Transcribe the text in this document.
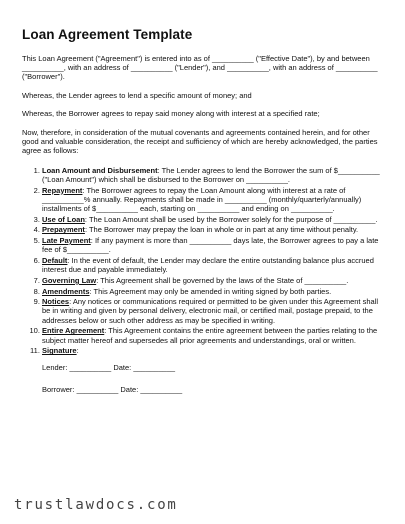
Loan Agreement Template

This Loan Agreement ("Agreement") is entered into as of __________ ("Effective Date"), by and between __________, with an address of __________ ("Lender"), and __________, with an address of __________ ("Borrower").

Whereas, the Lender agrees to lend a specific amount of money; and

Whereas, the Borrower agrees to repay said money along with interest at a specified rate;

Now, therefore, in consideration of the mutual covenants and agreements contained herein, and for other good and valuable consideration, the receipt and sufficiency of which are hereby acknowledged, the parties agree as follows:

1. Loan Amount and Disbursement: The Lender agrees to lend the Borrower the sum of $__________ ("Loan Amount") which shall be disbursed to the Borrower on __________.
2. Repayment: The Borrower agrees to repay the Loan Amount along with interest at a rate of __________% annually. Repayments shall be made in __________ (monthly/quarterly/annually) installments of $__________ each, starting on __________ and ending on __________.
3. Use of Loan: The Loan Amount shall be used by the Borrower solely for the purpose of __________.
4. Prepayment: The Borrower may prepay the loan in whole or in part at any time without penalty.
5. Late Payment: If any payment is more than __________ days late, the Borrower agrees to pay a late fee of $__________.
6. Default: In the event of default, the Lender may declare the entire outstanding balance plus accrued interest due and payable immediately.
7. Governing Law: This Agreement shall be governed by the laws of the State of __________.
8. Amendments: This Agreement may only be amended in writing signed by both parties.
9. Notices: Any notices or communications required or permitted to be given under this Agreement shall be in writing and given by personal delivery, electronic mail, or certified mail, postage prepaid, to the addresses below or such other address as may be specified in writing.
10. Entire Agreement: This Agreement contains the entire agreement between the parties relating to the subject matter hereof and supersedes all prior agreements and understandings, oral or written.
11. Signature:
Lender: __________ Date: __________
Borrower: __________ Date: __________
trustlawdocs.com
